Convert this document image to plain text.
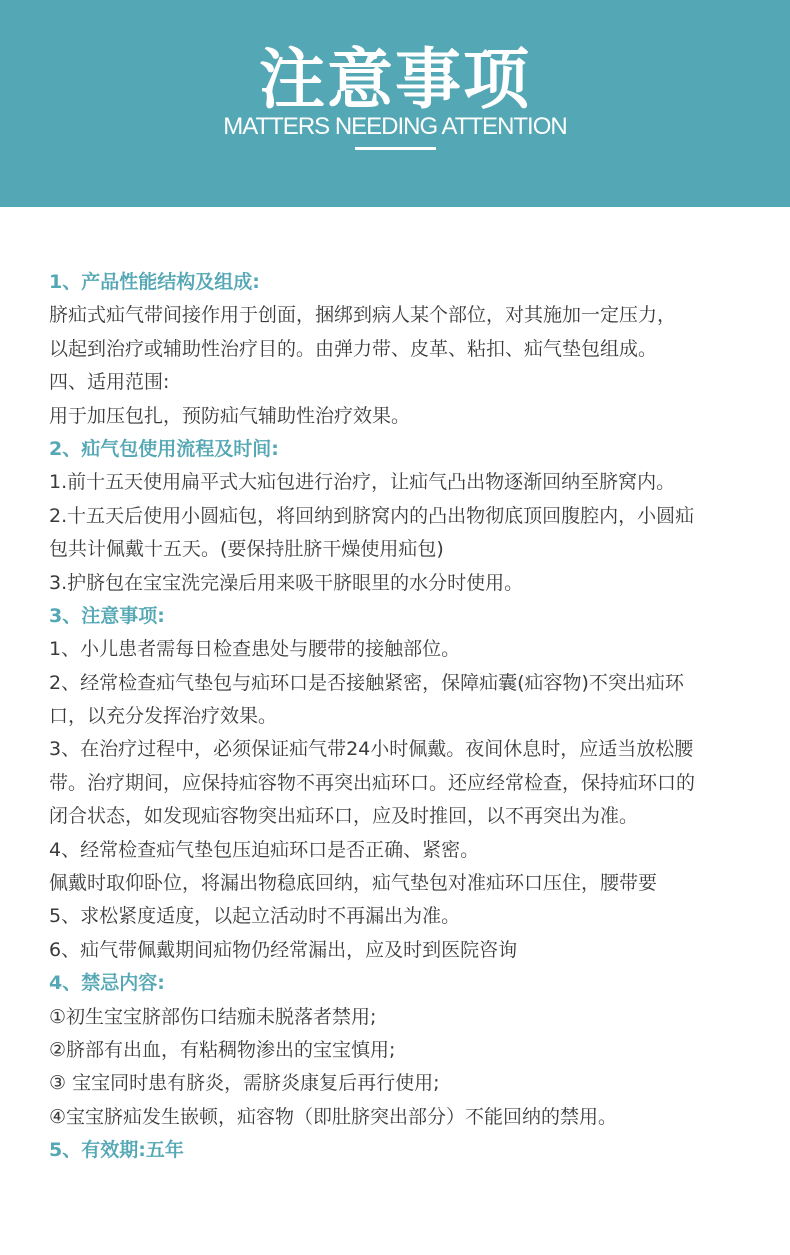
注意事项
MATTERS NEEDING ATTENTION
1、产品性能结构及组成:
脐疝式疝气带间接作用于创面，捆绑到病人某个部位，对其施加一定压力，
以起到治疗或辅助性治疗目的。由弹力带、皮革、粘扣、疝气垫包组成。
四、适用范围:
用于加压包扎，预防疝气辅助性治疗效果。
2、疝气包使用流程及时间:
1.前十五天使用扁平式大疝包进行治疗，让疝气凸出物逐渐回纳至脐窝内。
2.十五天后使用小圆疝包，将回纳到脐窝内的凸出物彻底顶回腹腔内，小圆疝
包共计佩戴十五天。(要保持肚脐干燥使用疝包)
3.护脐包在宝宝洗完澡后用来吸干脐眼里的水分时使用。
3、注意事项:
1、小儿患者需每日检查患处与腰带的接触部位。
2、经常检查疝气垫包与疝环口是否接触紧密，保障疝囊(疝容物)不突出疝环
口，以充分发挥治疗效果。
3、在治疗过程中，必须保证疝气带24小时佩戴。夜间休息时，应适当放松腰
带。治疗期间，应保持疝容物不再突出疝环口。还应经常检查，保持疝环口的
闭合状态，如发现疝容物突出疝环口，应及时推回，以不再突出为准。
4、经常检查疝气垫包压迫疝环口是否正确、紧密。
佩戴时取仰卧位，将漏出物稳底回纳，疝气垫包对准疝环口压住，腰带要
5、求松紧度适度，以起立活动时不再漏出为准。
6、疝气带佩戴期间疝物仍经常漏出，应及时到医院咨询
4、禁忌内容:
①初生宝宝脐部伤口结痂未脱落者禁用;
②脐部有出血，有粘稠物渗出的宝宝慎用;
③ 宝宝同时患有脐炎，需脐炎康复后再行使用;
④宝宝脐疝发生嵌顿，疝容物（即肚脐突出部分）不能回纳的禁用。
5、有效期:五年
